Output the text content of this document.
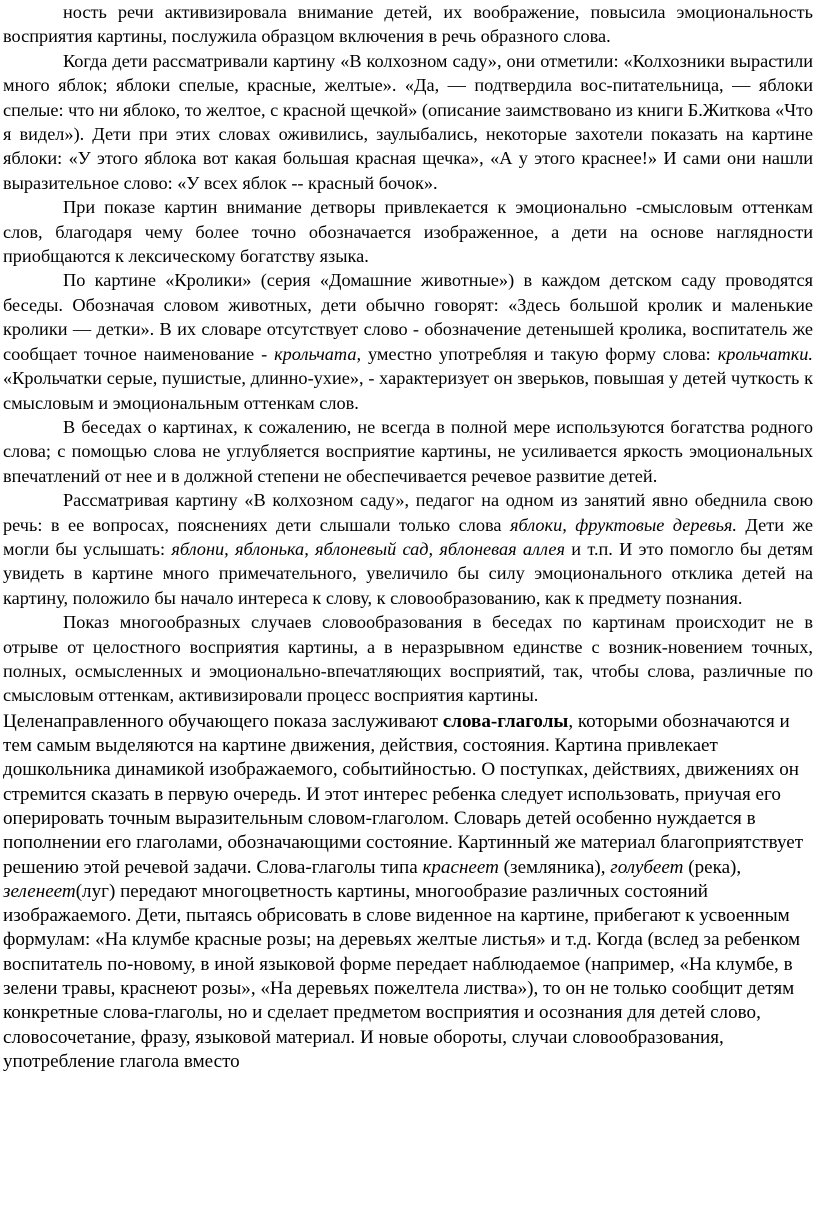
ность речи активизировала внимание детей, их воображение, повысила эмоциональность восприятия картины, послужила образцом включения в речь образного слова.

Когда дети рассматривали картину «В колхозном саду», они отметили: «Колхозники вырастили много яблок; яблоки спелые, красные, желтые». «Да, — подтвердила вос-питательница, — яблоки спелые: что ни яблоко, то желтое, с красной щечкой» (описание заимствовано из книги Б.Житкова «Что я видел»). Дети при этих словах оживились, заулыбались, некоторые захотели показать на картине яблоки: «У этого яблока вот какая большая красная щечка», «А у этого краснее!» И сами они нашли выразительное слово: «У всех яблок -- красный бочок».

При показе картин внимание детворы привлекается к эмоционально -смысловым оттенкам слов, благодаря чему более точно обозначается изображенное, а дети на основе наглядности приобщаются к лексическому богатству языка.

По картине «Кролики» (серия «Домашние животные») в каждом детском саду проводятся беседы. Обозначая словом животных, дети обычно говорят: «Здесь большой кролик и маленькие кролики — детки». В их словаре отсутствует слово - обозначение детенышей кролика, воспитатель же сообщает точное наименование - крольчата, уместно употребляя и такую форму слова: крольчатки. «Крольчатки серые, пушистые, длинно-ухие», - характеризует он зверьков, повышая у детей чуткость к смысловым и эмоциональным оттенкам слов.

В беседах о картинах, к сожалению, не всегда в полной мере используются богатства родного слова; с помощью слова не углубляется восприятие картины, не усиливается яркость эмоциональных впечатлений от нее и в должной степени не обеспечивается речевое развитие детей.

Рассматривая картину «В колхозном саду», педагог на одном из занятий явно обеднила свою речь: в ее вопросах, пояснениях дети слышали только слова яблоки, фруктовые деревья. Дети же могли бы услышать: яблони, яблонька, яблоневый сад, яблоневая аллея и т.п. И это помогло бы детям увидеть в картине много примечательного, увеличило бы силу эмоционального отклика детей на картину, положило бы начало интереса к слову, к словообразованию, как к предмету познания.

Показ многообразных случаев словообразования в беседах по картинам происходит не в отрыве от целостного восприятия картины, а в неразрывном единстве с возник-новением точных, полных, осмысленных и эмоционально-впечатляющих восприятий, так, чтобы слова, различные по смысловым оттенкам, активизировали процесс восприятия картины.

Целенаправленного обучающего показа заслуживают слова-глаголы, которыми обозначаются и тем самым выделяются на картине движения, действия, состояния. Картина привлекает дошкольника динамикой изображаемого, событийностью. О поступках, действиях, движениях он стремится сказать в первую очередь. И этот интерес ребенка следует использовать, приучая его оперировать точным выразительным словом-глаголом. Словарь детей особенно нуждается в пополнении его глаголами, обозначающими состояние. Картинный же материал благоприятствует решению этой речевой задачи. Слова-глаголы типа краснеет (земляника), голубеет (река), зеленеет(луг) передают многоцветность картины, многообразие различных состояний изображаемого. Дети, пытаясь обрисовать в слове виденное на картине, прибегают к усвоенным формулам: «На клумбе красные розы; на деревьях желтые листья» и т.д. Когда (вслед за ребенком воспитатель по-новому, в иной языковой форме передает наблюдаемое (например, «На клумбе, в зелени травы, краснеют розы», «На деревьях пожелтела листва»), то он не только сообщит детям конкретные слова-глаголы, но и сделает предметом восприятия и осознания для детей слово, словосочетание, фразу, языковой материал. И новые обороты, случаи словообразования, употребление глагола вместо
